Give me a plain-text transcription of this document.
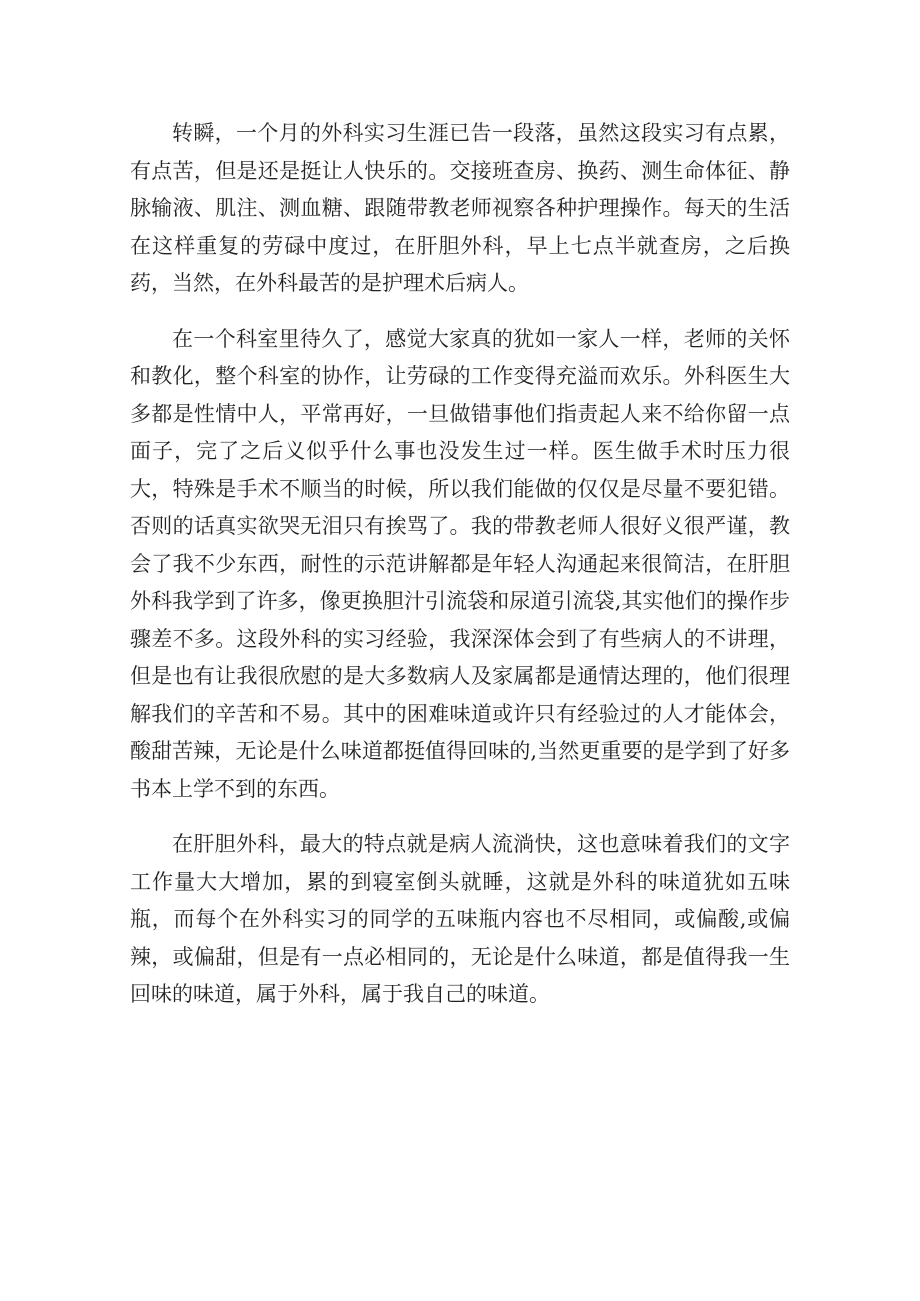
转瞬，一个月的外科实习生涯已告一段落，虽然这段实习有点累，有点苦，但是还是挺让人快乐的。交接班查房、换药、测生命体征、静脉输液、肌注、测血糖、跟随带教老师视察各种护理操作。每天的生活在这样重复的劳碌中度过，在肝胆外科，早上七点半就查房，之后换药，当然，在外科最苦的是护理术后病人。

在一个科室里待久了，感觉大家真的犹如一家人一样，老师的关怀和教化，整个科室的协作，让劳碌的工作变得充溢而欢乐。外科医生大多都是性情中人，平常再好，一旦做错事他们指责起人来不给你留一点面子，完了之后义似乎什么事也没发生过一样。医生做手术时压力很大，特殊是手术不顺当的时候，所以我们能做的仅仅是尽量不要犯错。否则的话真实欲哭无泪只有挨骂了。我的带教老师人很好义很严谨，教会了我不少东西，耐性的示范讲解都是年轻人沟通起来很简洁，在肝胆外科我学到了许多，像更换胆汁引流袋和尿道引流袋,其实他们的操作步骤差不多。这段外科的实习经验，我深深体会到了有些病人的不讲理，但是也有让我很欣慰的是大多数病人及家属都是通情达理的，他们很理解我们的辛苦和不易。其中的困难味道或许只有经验过的人才能体会，酸甜苦辣，无论是什么味道都挺值得回味的,当然更重要的是学到了好多书本上学不到的东西。

在肝胆外科，最大的特点就是病人流淌快，这也意味着我们的文字工作量大大增加，累的到寝室倒头就睡，这就是外科的味道犹如五味瓶，而每个在外科实习的同学的五味瓶内容也不尽相同，或偏酸,或偏辣，或偏甜，但是有一点必相同的，无论是什么味道，都是值得我一生回味的味道，属于外科，属于我自己的味道。
